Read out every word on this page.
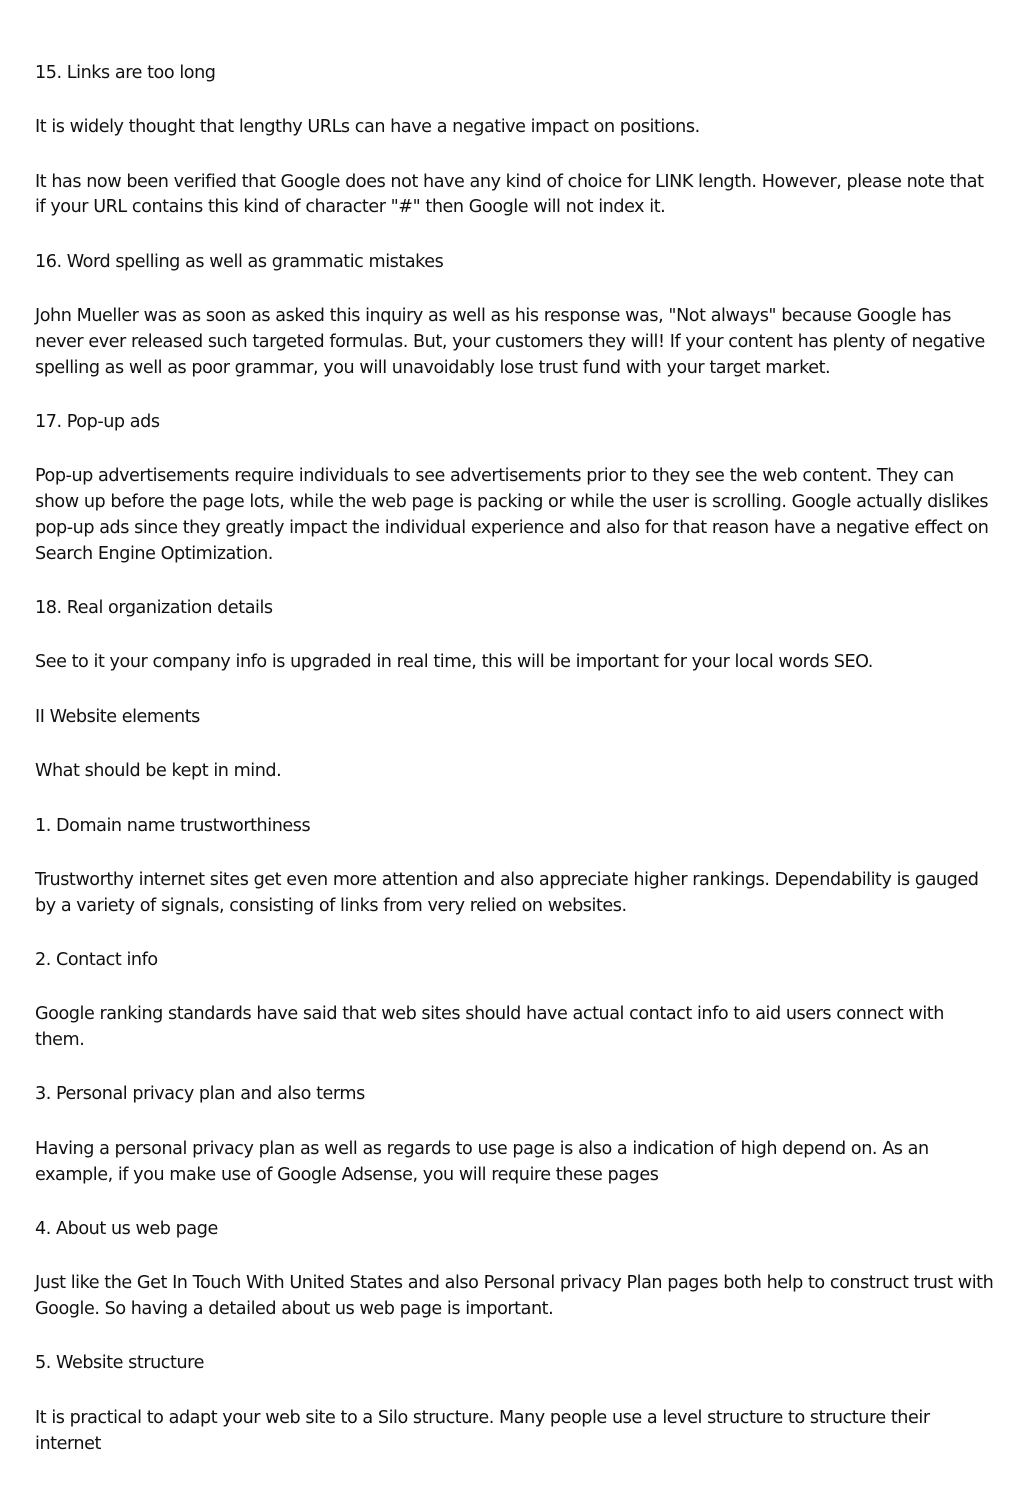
15. Links are too long

It is widely thought that lengthy URLs can have a negative impact on positions.

It has now been verified that Google does not have any kind of choice for LINK length. However, please note that if your URL contains this kind of character "#" then Google will not index it.

16. Word spelling as well as grammatic mistakes

John Mueller was as soon as asked this inquiry as well as his response was, "Not always" because Google has never ever released such targeted formulas. But, your customers they will! If your content has plenty of negative spelling as well as poor grammar, you will unavoidably lose trust fund with your target market.

17. Pop-up ads

Pop-up advertisements require individuals to see advertisements prior to they see the web content. They can show up before the page lots, while the web page is packing or while the user is scrolling. Google actually dislikes pop-up ads since they greatly impact the individual experience and also for that reason have a negative effect on Search Engine Optimization.

18. Real organization details

See to it your company info is upgraded in real time, this will be important for your local words SEO.

II Website elements

What should be kept in mind.

1. Domain name trustworthiness

Trustworthy internet sites get even more attention and also appreciate higher rankings. Dependability is gauged by a variety of signals, consisting of links from very relied on websites.

2. Contact info

Google ranking standards have said that web sites should have actual contact info to aid users connect with them.

3. Personal privacy plan and also terms

Having a personal privacy plan as well as regards to use page is also a indication of high depend on. As an example, if you make use of Google Adsense, you will require these pages

4. About us web page

Just like the Get In Touch With United States and also Personal privacy Plan pages both help to construct trust with Google. So having a detailed about us web page is important.

5. Website structure

It is practical to adapt your web site to a Silo structure. Many people use a level structure to structure their internet
